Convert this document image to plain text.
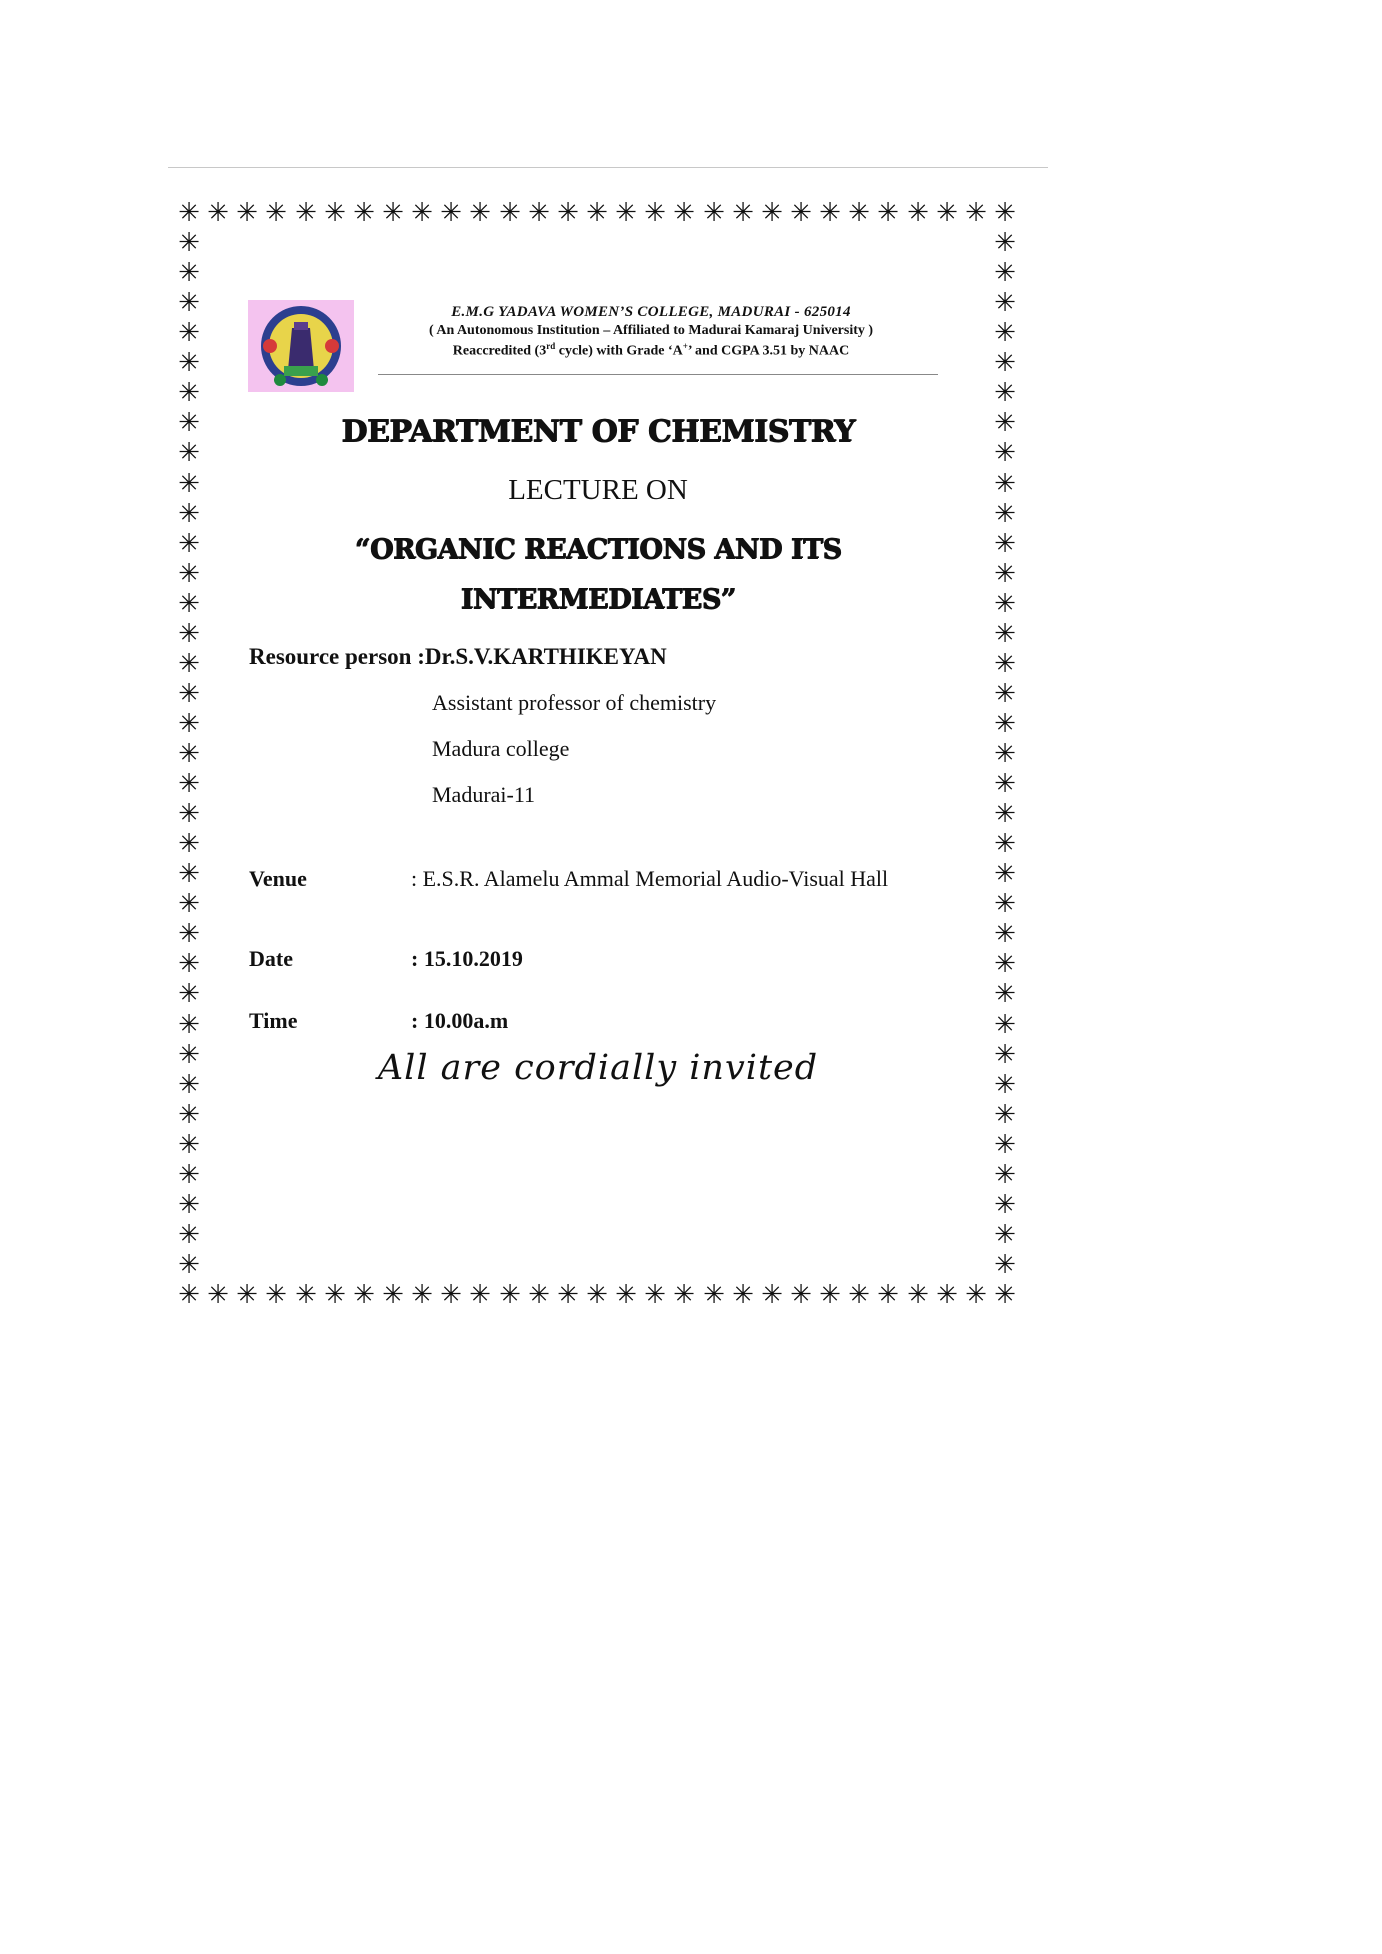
✳
✳
✳
✳
✳
✳
✳
✳
✳
✳
✳
✳
✳
✳
✳
✳
✳
✳
✳
✳
✳
✳
✳
✳
✳
✳
✳
✳
✳
✳
✳
✳
✳
✳
✳
✳
✳
✳
✳
✳
✳
✳
✳
✳
✳
✳
✳
✳
✳
✳
✳
✳
✳
✳
✳
✳
✳
✳
✳	✳
✳	✳
✳	✳
✳	✳
✳	✳
✳	✳
✳	✳
✳	✳
✳	✳
✳	✳
✳	✳
✳	✳
✳	✳
✳	✳
✳	✳
✳	✳
✳	✳
✳	✳
✳	✳
✳	✳
✳	✳
✳	✳
✳	✳
✳	✳
✳	✳
✳	✳
✳	✳
✳	✳
✳	✳
✳	✳
✳	✳
✳	✳
✳	✳
✳	✳
✳	✳
E.M.G YADAVA WOMEN’S COLLEGE, MADURAI - 625014
( An Autonomous Institution – Affiliated to Madurai Kamaraj University )
Reaccredited (3rd cycle) with Grade ‘A+’ and CGPA 3.51 by NAAC
DEPARTMENT OF CHEMISTRY
LECTURE ON
“ORGANIC REACTIONS AND ITS
INTERMEDIATES”
Resource person :Dr.S.V.KARTHIKEYAN
Assistant professor of chemistry
Madura college
Madurai-11
Venue	: E.S.R. Alamelu Ammal Memorial Audio-Visual Hall
Date	: 15.10.2019
Time	: 10.00a.m
All are cordially invited
